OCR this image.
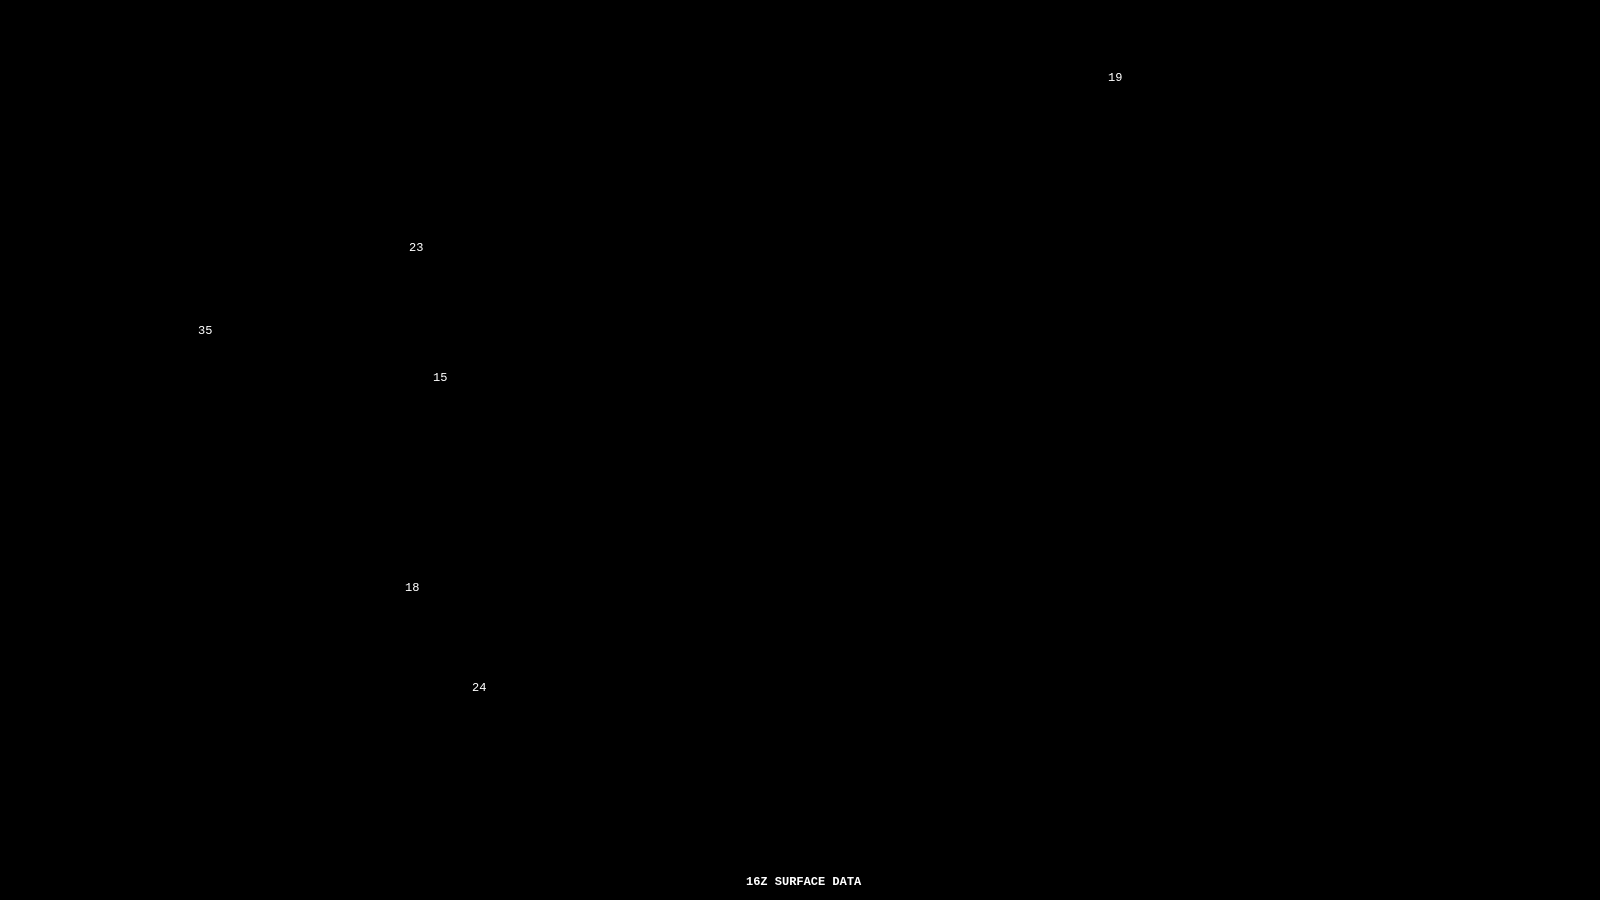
19
23
35
15
18
24
16Z SURFACE DATA
